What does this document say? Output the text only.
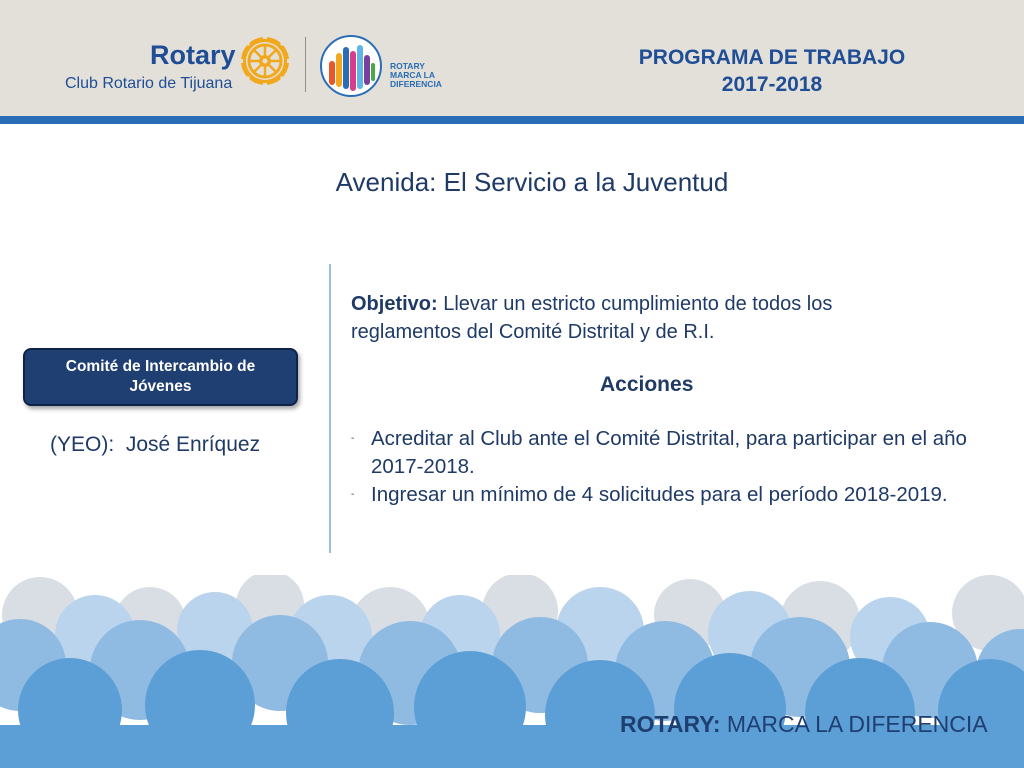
Rotary
Club Rotario de Tijuana
ROTARY
MARCA LA
DIFERENCIA
PROGRAMA DE TRABAJO
2017-2018
Avenida: El Servicio a la Juventud
Comité de Intercambio de Jóvenes
(YEO): José Enríquez
Objetivo: Llevar un estricto cumplimiento de todos los reglamentos del Comité Distrital y de R.I.
Acciones
- Acreditar al Club ante el Comité Distrital, para participar en el año 2017-2018.
- Ingresar un mínimo de 4 solicitudes para el período 2018-2019.
ROTARY: MARCA LA DIFERENCIA
